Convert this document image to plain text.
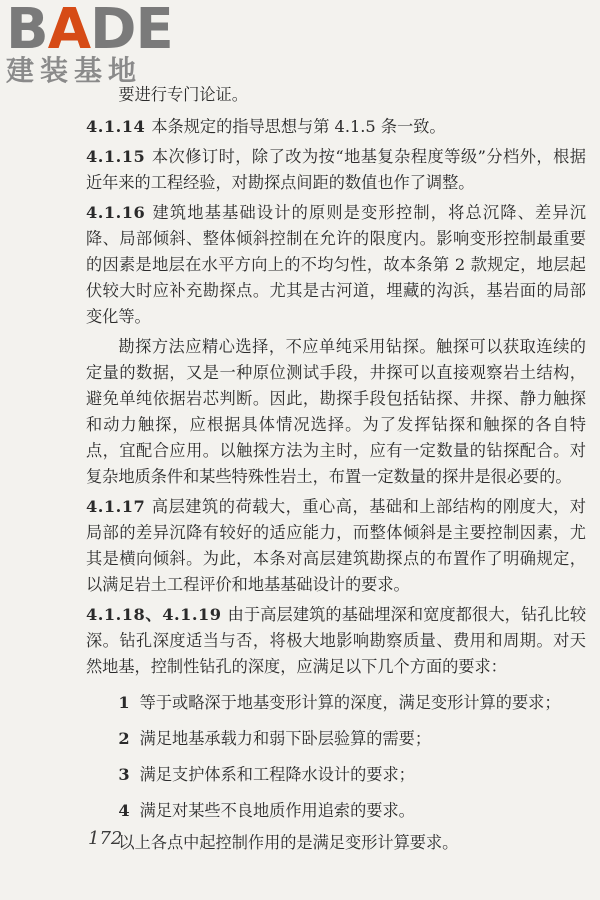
BADE
建装基地

要进行专门论证。

4.1.14 本条规定的指导思想与第 4.1.5 条一致。

4.1.15 本次修订时，除了改为按“地基复杂程度等级”分档外，根据近年来的工程经验，对勘探点间距的数值也作了调整。

4.1.16 建筑地基基础设计的原则是变形控制，将总沉降、差异沉降、局部倾斜、整体倾斜控制在允许的限度内。影响变形控制最重要的因素是地层在水平方向上的不均匀性，故本条第 2 款规定，地层起伏较大时应补充勘探点。尤其是古河道，埋藏的沟浜，基岩面的局部变化等。

勘探方法应精心选择，不应单纯采用钻探。触探可以获取连续的定量的数据，又是一种原位测试手段，井探可以直接观察岩土结构，避免单纯依据岩芯判断。因此，勘探手段包括钻探、井探、静力触探和动力触探，应根据具体情况选择。为了发挥钻探和触探的各自特点，宜配合应用。以触探方法为主时，应有一定数量的钻探配合。对复杂地质条件和某些特殊性岩土，布置一定数量的探井是很必要的。

4.1.17 高层建筑的荷载大，重心高，基础和上部结构的刚度大，对局部的差异沉降有较好的适应能力，而整体倾斜是主要控制因素，尤其是横向倾斜。为此，本条对高层建筑勘探点的布置作了明确规定，以满足岩土工程评价和地基基础设计的要求。

4.1.18、4.1.19 由于高层建筑的基础埋深和宽度都很大，钻孔比较深。钻孔深度适当与否，将极大地影响勘察质量、费用和周期。对天然地基，控制性钻孔的深度，应满足以下几个方面的要求：

1 等于或略深于地基变形计算的深度，满足变形计算的要求；

2 满足地基承载力和弱下卧层验算的需要；

3 满足支护体系和工程降水设计的要求；

4 满足对某些不良地质作用追索的要求。

以上各点中起控制作用的是满足变形计算要求。

172
